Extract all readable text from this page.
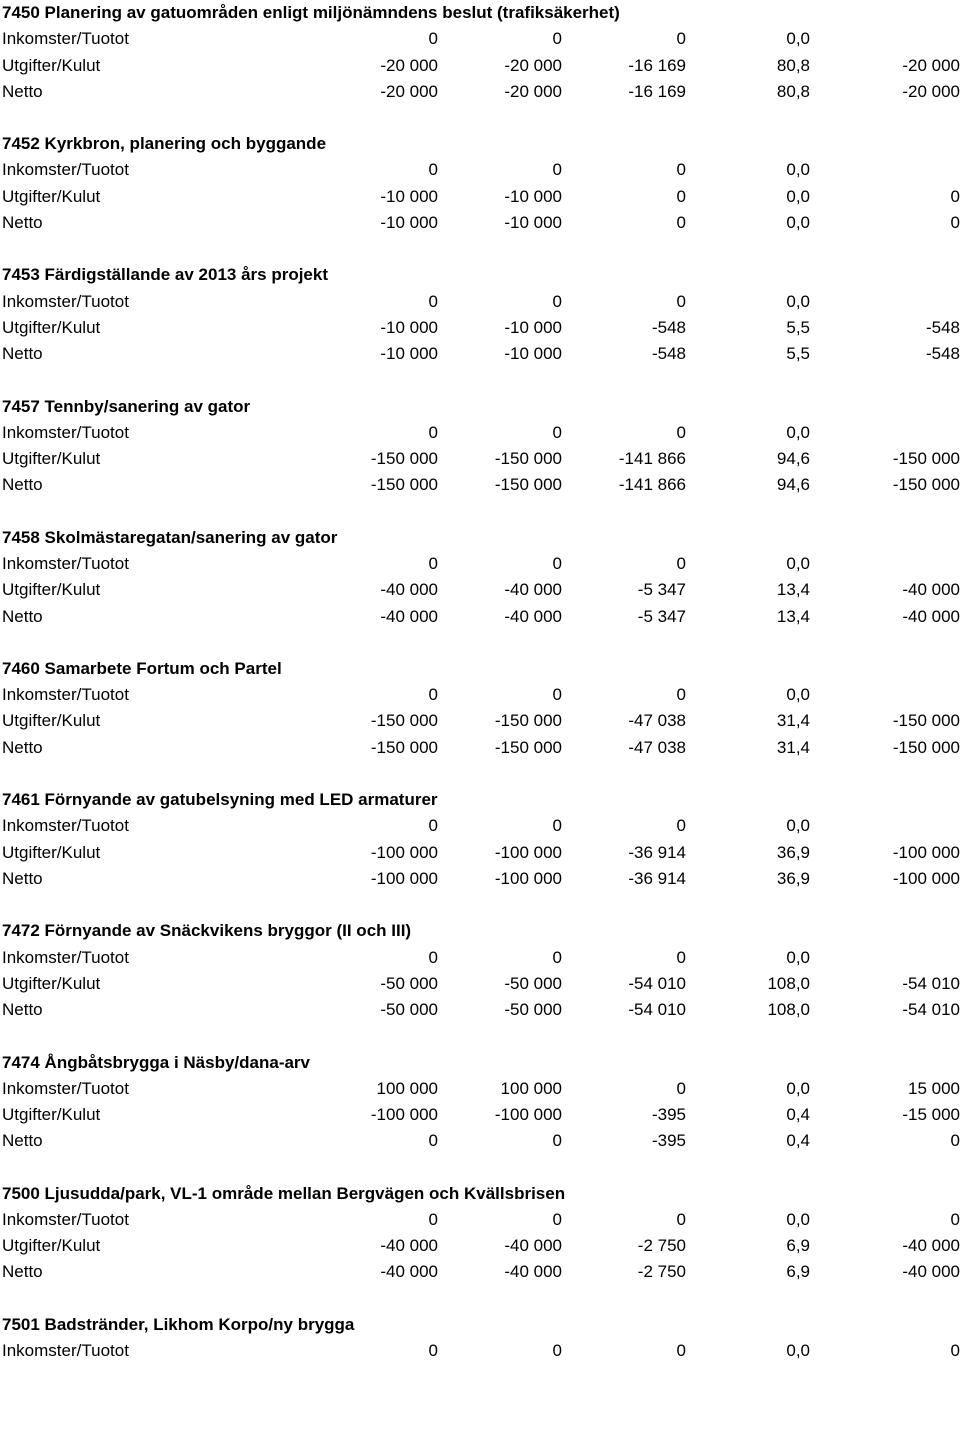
7450 Planering av gatuområden enligt miljönämndens beslut (trafiksäkerhet)
Inkomster/Tuotot	0	0	0	0,0
Utgifter/Kulut	-20 000	-20 000	-16 169	80,8	-20 000
Netto	-20 000	-20 000	-16 169	80,8	-20 000
7452 Kyrkbron, planering och byggande
Inkomster/Tuotot	0	0	0	0,0
Utgifter/Kulut	-10 000	-10 000	0	0,0	0
Netto	-10 000	-10 000	0	0,0	0
7453 Färdigställande av 2013 års projekt
Inkomster/Tuotot	0	0	0	0,0
Utgifter/Kulut	-10 000	-10 000	-548	5,5	-548
Netto	-10 000	-10 000	-548	5,5	-548
7457 Tennby/sanering av gator
Inkomster/Tuotot	0	0	0	0,0
Utgifter/Kulut	-150 000	-150 000	-141 866	94,6	-150 000
Netto	-150 000	-150 000	-141 866	94,6	-150 000
7458 Skolmästaregatan/sanering av gator
Inkomster/Tuotot	0	0	0	0,0
Utgifter/Kulut	-40 000	-40 000	-5 347	13,4	-40 000
Netto	-40 000	-40 000	-5 347	13,4	-40 000
7460 Samarbete Fortum och Partel
Inkomster/Tuotot	0	0	0	0,0
Utgifter/Kulut	-150 000	-150 000	-47 038	31,4	-150 000
Netto	-150 000	-150 000	-47 038	31,4	-150 000
7461 Förnyande av gatubelsyning med LED armaturer
Inkomster/Tuotot	0	0	0	0,0
Utgifter/Kulut	-100 000	-100 000	-36 914	36,9	-100 000
Netto	-100 000	-100 000	-36 914	36,9	-100 000
7472 Förnyande av Snäckvikens bryggor (II och III)
Inkomster/Tuotot	0	0	0	0,0
Utgifter/Kulut	-50 000	-50 000	-54 010	108,0	-54 010
Netto	-50 000	-50 000	-54 010	108,0	-54 010
7474 Ångbåtsbrygga i Näsby/dana-arv
Inkomster/Tuotot	100 000	100 000	0	0,0	15 000
Utgifter/Kulut	-100 000	-100 000	-395	0,4	-15 000
Netto	0	0	-395	0,4	0
7500 Ljusudda/park, VL-1 område mellan Bergvägen och Kvällsbrisen
Inkomster/Tuotot	0	0	0	0,0	0
Utgifter/Kulut	-40 000	-40 000	-2 750	6,9	-40 000
Netto	-40 000	-40 000	-2 750	6,9	-40 000
7501 Badstränder, Likhom Korpo/ny brygga
Inkomster/Tuotot	0	0	0	0,0	0
